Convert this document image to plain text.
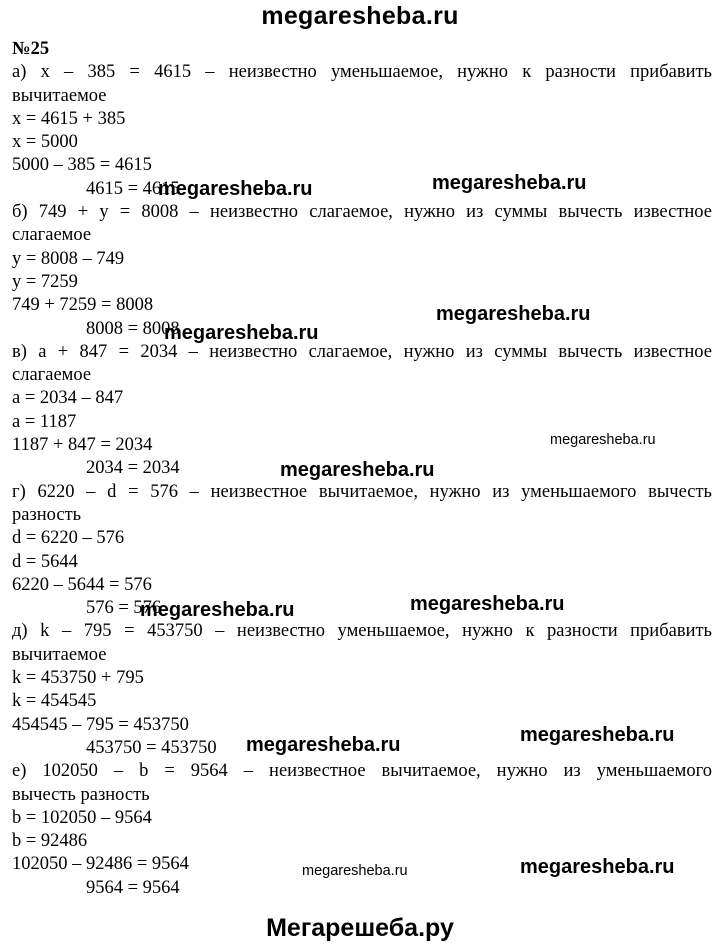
megaresheba.ru
№25
а) x – 385 = 4615 – неизвестно уменьшаемое, нужно к разности прибавить
вычитаемое
x = 4615 + 385
x = 5000
5000 – 385 = 4615
4615 = 4615
б) 749 + y = 8008 – неизвестно слагаемое, нужно из суммы вычесть известное
слагаемое
y = 8008 – 749
y = 7259
749 + 7259 = 8008
8008 = 8008
в) a + 847 = 2034 – неизвестно слагаемое, нужно из суммы вычесть известное
слагаемое
a = 2034 – 847
a = 1187
1187 + 847 = 2034
2034 = 2034
г) 6220 – d = 576 – неизвестное вычитаемое, нужно из уменьшаемого вычесть
разность
d = 6220 – 576
d = 5644
6220 – 5644 = 576
576 = 576
д) k – 795 = 453750 – неизвестно уменьшаемое, нужно к разности прибавить
вычитаемое
k = 453750 + 795
k = 454545
454545 – 795 = 453750
453750 = 453750
е) 102050 – b = 9564 – неизвестное вычитаемое, нужно из уменьшаемого
вычесть разность
b = 102050 – 9564
b = 92486
102050 – 92486 = 9564
9564 = 9564
megaresheba.ru	megaresheba.ru
megaresheba.ru
megaresheba.ru
megaresheba.ru
megaresheba.ru
megaresheba.ru
megaresheba.ru
megaresheba.ru
megaresheba.ru
megaresheba.ru	megaresheba.ru
Мегарешеба.ру
